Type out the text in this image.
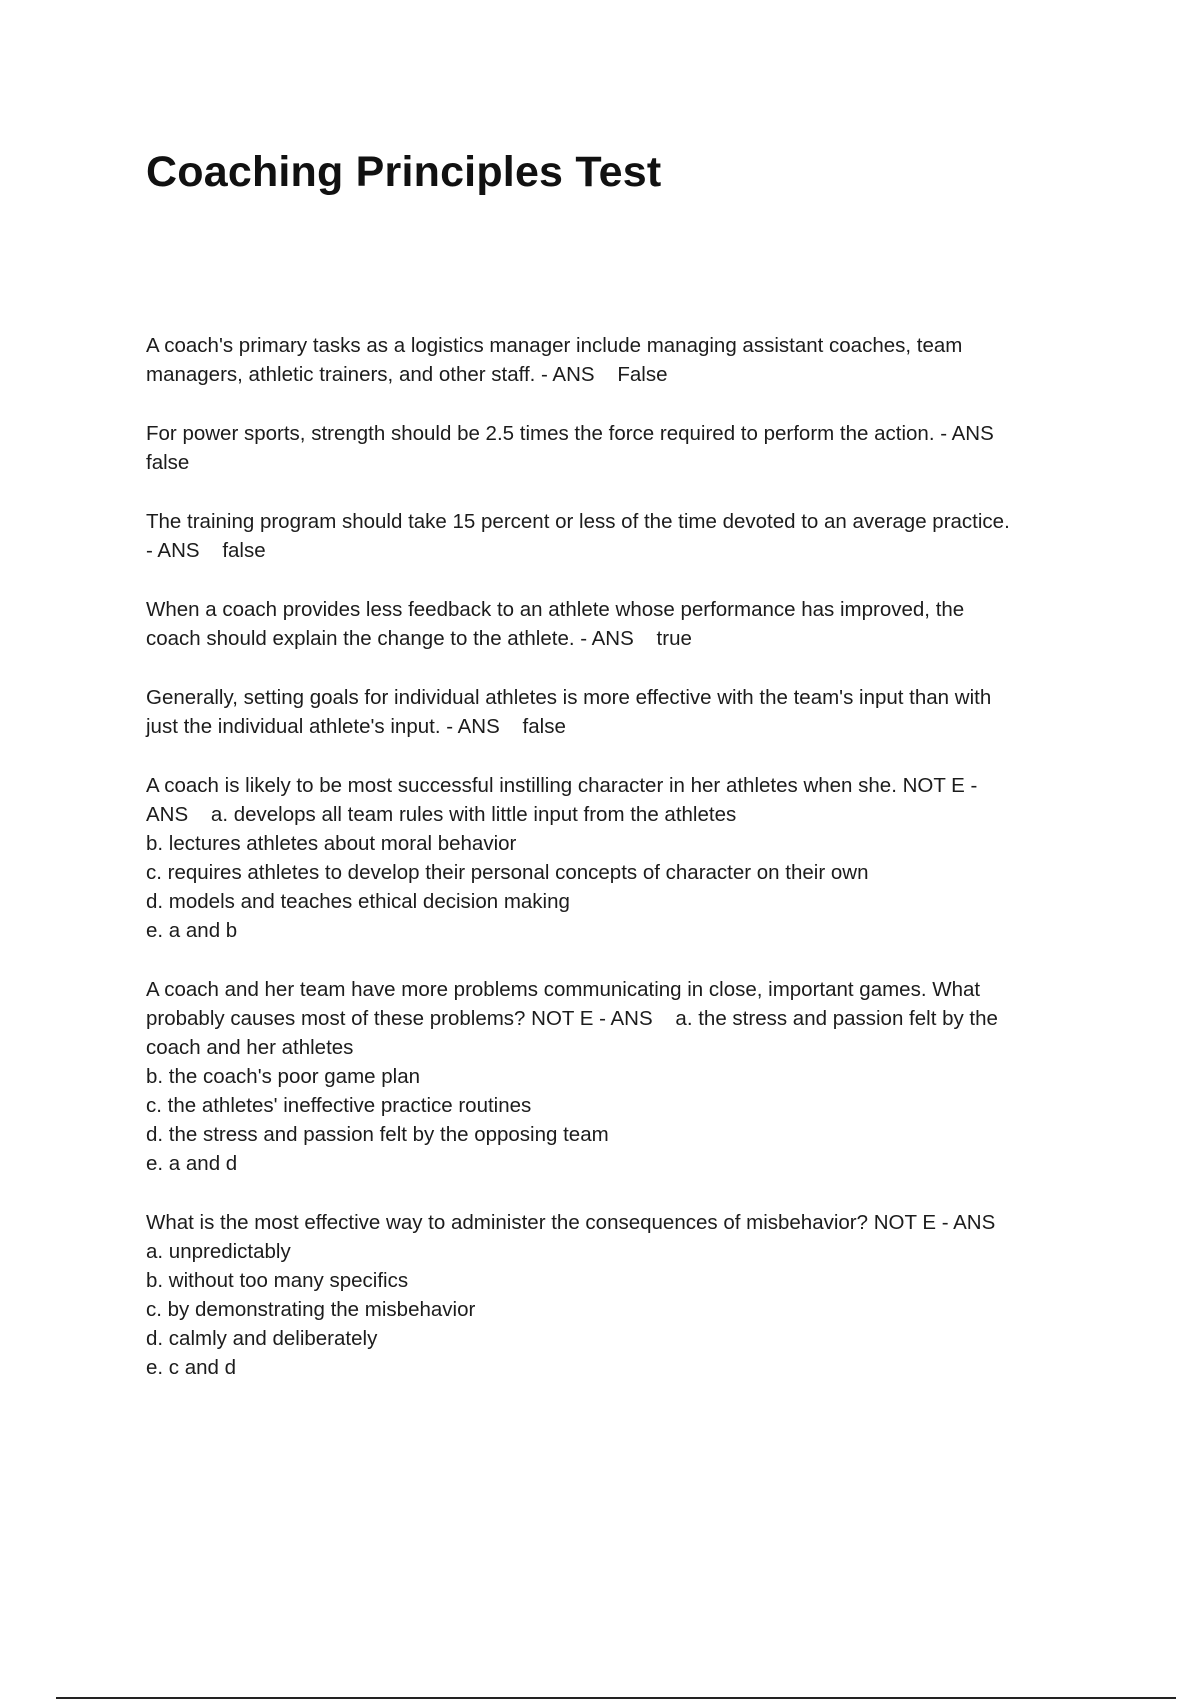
Coaching Principles Test
A coach's primary tasks as a logistics manager include managing assistant coaches, team
managers, athletic trainers, and other staff. - ANS    False
For power sports, strength should be 2.5 times the force required to perform the action. - ANS
false
The training program should take 15 percent or less of the time devoted to an average practice.
- ANS    false
When a coach provides less feedback to an athlete whose performance has improved, the
coach should explain the change to the athlete. - ANS    true
Generally, setting goals for individual athletes is more effective with the team's input than with
just the individual athlete's input. - ANS    false
A coach is likely to be most successful instilling character in her athletes when she. NOT E -
ANS    a. develops all team rules with little input from the athletes
b. lectures athletes about moral behavior
c. requires athletes to develop their personal concepts of character on their own
d. models and teaches ethical decision making
e. a and b
A coach and her team have more problems communicating in close, important games. What
probably causes most of these problems? NOT E - ANS    a. the stress and passion felt by the
coach and her athletes
b. the coach's poor game plan
c. the athletes' ineffective practice routines
d. the stress and passion felt by the opposing team
e. a and d
What is the most effective way to administer the consequences of misbehavior? NOT E - ANS
a. unpredictably
b. without too many specifics
c. by demonstrating the misbehavior
d. calmly and deliberately
e. c and d
